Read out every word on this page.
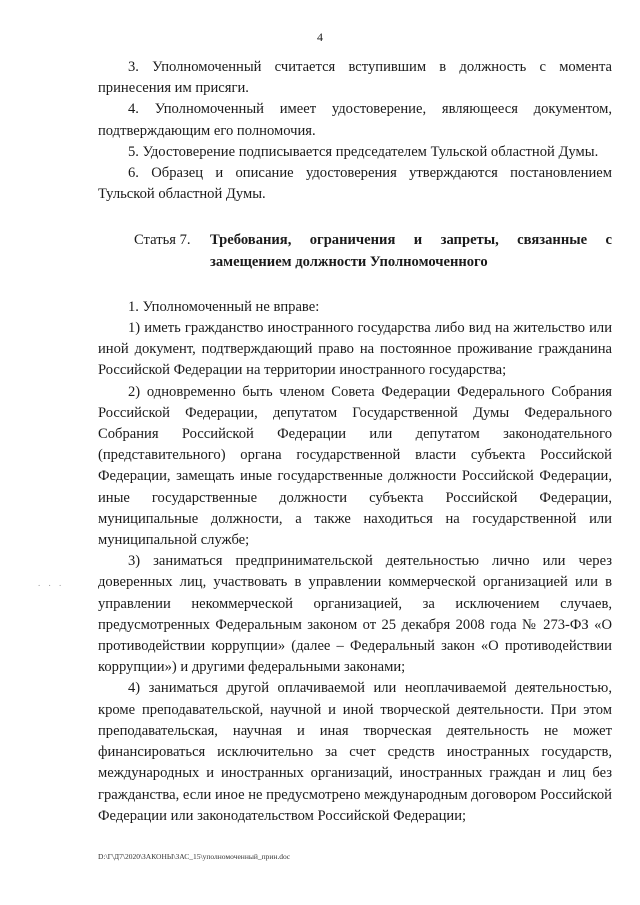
4
. . .

3. Уполномоченный считается вступившим в должность с момента принесения им присяги.

4. Уполномоченный имеет удостоверение, являющееся документом, подтверждающим его полномочия.

5. Удостоверение подписывается председателем Тульской областной Думы.

6. Образец и описание удостоверения утверждаются постановлением Тульской областной Думы.

Статья 7.	Требования, ограничения и запреты, связанные с замещением должности Уполномоченного

1. Уполномоченный не вправе:

1) иметь гражданство иностранного государства либо вид на жительство или иной документ, подтверждающий право на постоянное проживание гражданина Российской Федерации на территории иностранного государства;

2) одновременно быть членом Совета Федерации Федерального Собрания Российской Федерации, депутатом Государственной Думы Федерального Собрания Российской Федерации или депутатом законодательного (представительного) органа государственной власти субъекта Российской Федерации, замещать иные государственные должности Российской Федерации, иные государственные должности субъекта Российской Федерации, муниципальные должности, а также находиться на государственной или муниципальной службе;

3) заниматься предпринимательской деятельностью лично или через доверенных лиц, участвовать в управлении коммерческой организацией или в управлении некоммерческой организацией, за исключением случаев, предусмотренных Федеральным законом от 25 декабря 2008 года № 273-ФЗ «О противодействии коррупции» (далее – Федеральный закон «О противодействии коррупции») и другими федеральными законами;

4) заниматься другой оплачиваемой или неоплачиваемой деятельностью, кроме преподавательской, научной и иной творческой деятельности. При этом преподавательская, научная и иная творческая деятельность не может финансироваться исключительно за счет средств иностранных государств, международных и иностранных организаций, иностранных граждан и лиц без гражданства, если иное не предусмотрено международным договором Российской Федерации или законодательством Российской Федерации;

D:\Г\Д7\2020\ЗАКОНЫ\ЗАС_15\уполномоченный_прин.doc
